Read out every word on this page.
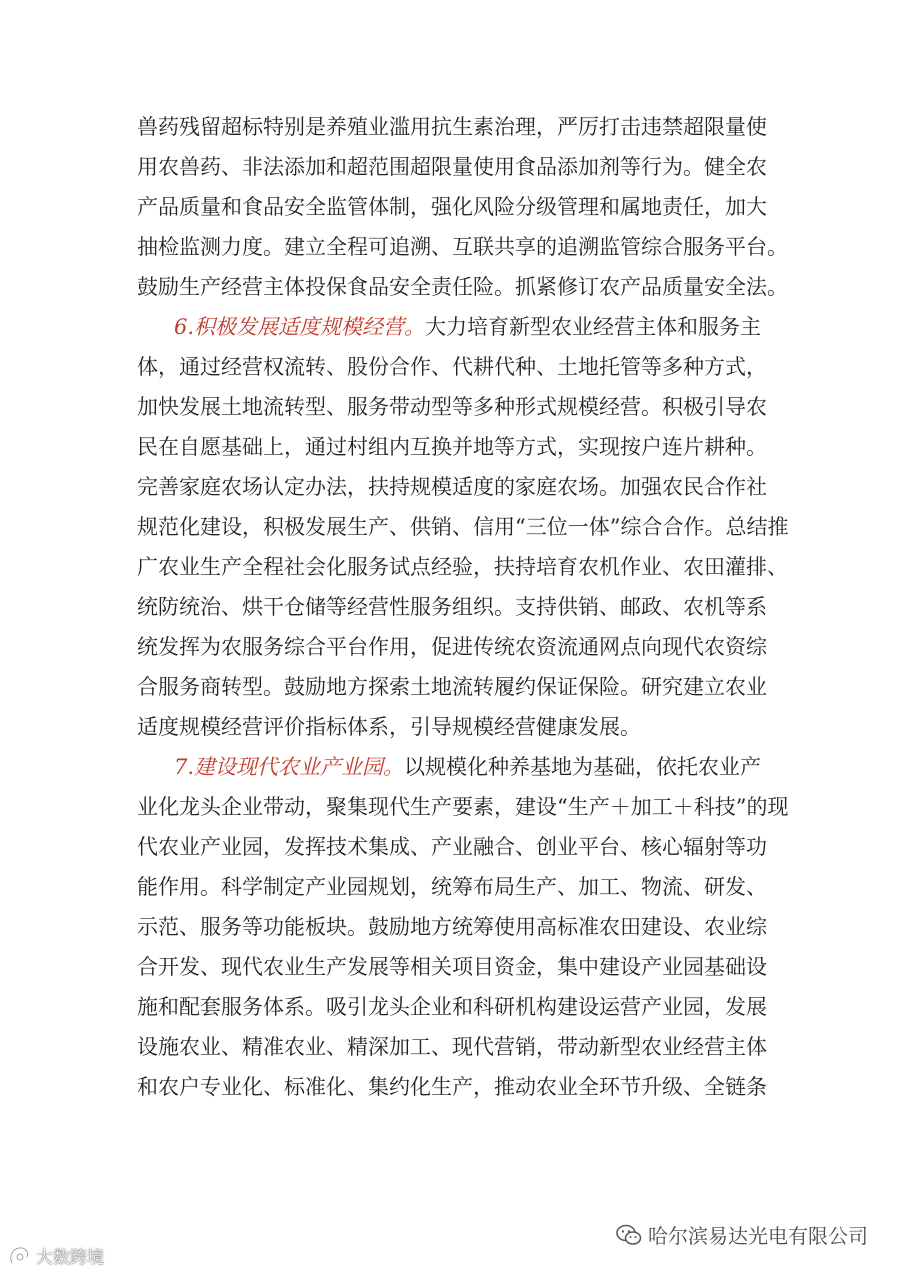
兽药残留超标特别是养殖业滥用抗生素治理，严厉打击违禁超限量使
用农兽药、非法添加和超范围超限量使用食品添加剂等行为。健全农
产品质量和食品安全监管体制，强化风险分级管理和属地责任，加大
抽检监测力度。建立全程可追溯、互联共享的追溯监管综合服务平台。
鼓励生产经营主体投保食品安全责任险。抓紧修订农产品质量安全法。
6.积极发展适度规模经营。大力培育新型农业经营主体和服务主
体，通过经营权流转、股份合作、代耕代种、土地托管等多种方式，
加快发展土地流转型、服务带动型等多种形式规模经营。积极引导农
民在自愿基础上，通过村组内互换并地等方式，实现按户连片耕种。
完善家庭农场认定办法，扶持规模适度的家庭农场。加强农民合作社
规范化建设，积极发展生产、供销、信用“三位一体”综合合作。总结推
广农业生产全程社会化服务试点经验，扶持培育农机作业、农田灌排、
统防统治、烘干仓储等经营性服务组织。支持供销、邮政、农机等系
统发挥为农服务综合平台作用，促进传统农资流通网点向现代农资综
合服务商转型。鼓励地方探索土地流转履约保证保险。研究建立农业
适度规模经营评价指标体系，引导规模经营健康发展。
7.建设现代农业产业园。以规模化种养基地为基础，依托农业产
业化龙头企业带动，聚集现代生产要素，建设“生产＋加工＋科技”的现
代农业产业园，发挥技术集成、产业融合、创业平台、核心辐射等功
能作用。科学制定产业园规划，统筹布局生产、加工、物流、研发、
示范、服务等功能板块。鼓励地方统筹使用高标准农田建设、农业综
合开发、现代农业生产发展等相关项目资金，集中建设产业园基础设
施和配套服务体系。吸引龙头企业和科研机构建设运营产业园，发展
设施农业、精准农业、精深加工、现代营销，带动新型农业经营主体
和农户专业化、标准化、集约化生产，推动农业全环节升级、全链条
哈尔滨易达光电有限公司
大数跨境
